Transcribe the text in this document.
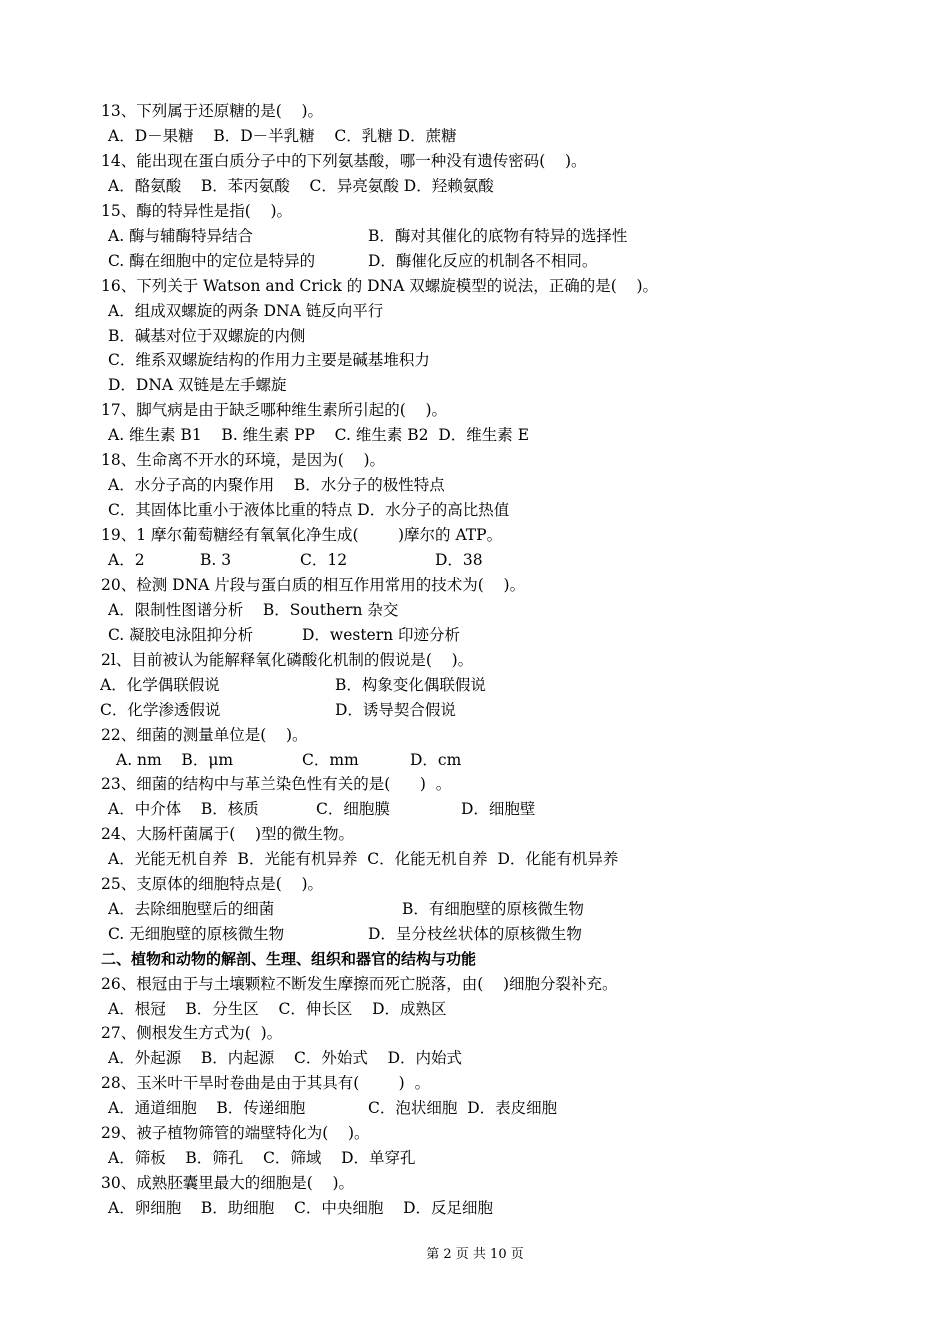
13、下列属于还原糖的是(    )。
A．D－果糖    B．D－半乳糖    C．乳糖 D．蔗糖
14、能出现在蛋白质分子中的下列氨基酸，哪一种没有遗传密码(    )。
A．酪氨酸    B．苯丙氨酸    C．异亮氨酸 D．羟赖氨酸
15、酶的特异性是指(    )。
A. 酶与辅酶特异结合	B．酶对其催化的底物有特异的选择性
C. 酶在细胞中的定位是特异的	D．酶催化反应的机制各不相同。
16、下列关于 Watson and Crick 的 DNA 双螺旋模型的说法，正确的是(    )。
A．组成双螺旋的两条 DNA 链反向平行
B．碱基对位于双螺旋的内侧
C．维系双螺旋结构的作用力主要是碱基堆积力
D．DNA 双链是左手螺旋
17、脚气病是由于缺乏哪种维生素所引起的(    )。
A. 维生素 B1    B. 维生素 PP    C. 维生素 B2  D．维生素 E
18、生命离不开水的环境，是因为(    )。
A．水分子高的内聚作用    B．水分子的极性特点
C．其固体比重小于液体比重的特点 D．水分子的高比热值
19、1 摩尔葡萄糖经有氧氧化净生成(        )摩尔的 ATP。
A．2	B. 3	C．12	D．38
20、检测 DNA 片段与蛋白质的相互作用常用的技术为(    )。
A．限制性图谱分析    B．Southern 杂交
C. 凝胶电泳阻抑分析	D．western 印迹分析
2l、目前被认为能解释氧化磷酸化机制的假说是(    )。
A．化学偶联假说	B．构象变化偶联假说
C．化学渗透假说	D．诱导契合假说
22、细菌的测量单位是(    )。
A. nm    B．μm	C．mm	D．cm
23、细菌的结构中与革兰染色性有关的是(      )  。
A．中介体    B．核质	C．细胞膜	D．细胞壁
24、大肠杆菌属于(    )型的微生物。
A．光能无机自养  B．光能有机异养  C．化能无机自养  D．化能有机异养
25、支原体的细胞特点是(    )。
A．去除细胞壁后的细菌	B．有细胞壁的原核微生物
C. 无细胞壁的原核微生物	D．呈分枝丝状体的原核微生物
二、植物和动物的解剖、生理、组织和器官的结构与功能
26、根冠由于与土壤颗粒不断发生摩擦而死亡脱落，由(    )细胞分裂补充。
A．根冠    B．分生区    C．伸长区    D．成熟区
27、侧根发生方式为(  )。
A．外起源    B．内起源    C．外始式    D．内始式
28、玉米叶干旱时卷曲是由于其具有(        )  。
A．通道细胞    B．传递细胞	C．泡状细胞  D．表皮细胞
29、被子植物筛管的端壁特化为(    )。
A．筛板    B．筛孔    C．筛域    D．单穿孔
30、成熟胚囊里最大的细胞是(    )。
A．卵细胞    B．助细胞    C．中央细胞    D．反足细胞
第 2 页 共 10 页
